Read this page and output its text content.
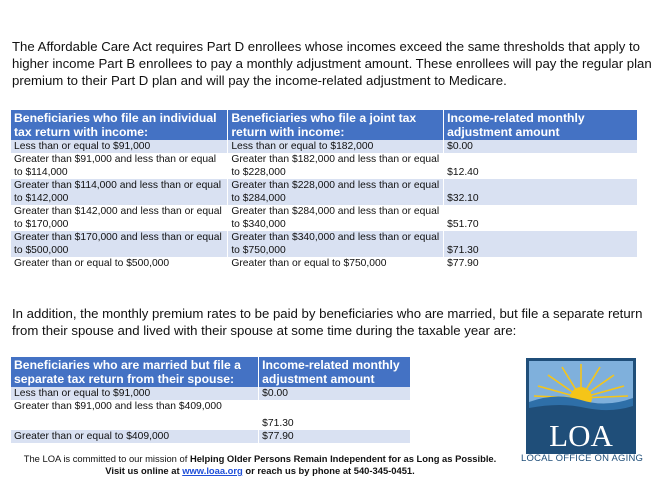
The Affordable Care Act requires Part D enrollees whose incomes exceed the same thresholds that apply to higher income Part B enrollees to pay a monthly adjustment amount. These enrollees will pay the regular plan premium to their Part D plan and will pay the income-related adjustment to Medicare.

Beneficiaries who file an individual tax return with income:	Beneficiaries who file a joint tax return with income:	Income-related monthly adjustment amount
Less than or equal to $91,000	Less than or equal to $182,000	$0.00
Greater than $91,000 and less than or equal to $114,000	Greater than $182,000 and less than or equal to $228,000	$12.40
Greater than $114,000 and less than or equal to $142,000	Greater than $228,000 and less than or equal to $284,000	$32.10
Greater than $142,000 and less than or equal to $170,000	Greater than $284,000 and less than or equal to $340,000	$51.70
Greater than $170,000 and less than or equal to $500,000	Greater than $340,000 and less than or equal to $750,000	$71.30
Greater than or equal to $500,000	Greater than or equal to $750,000	$77.90

In addition, the monthly premium rates to be paid by beneficiaries who are married, but file a separate return from their spouse and lived with their spouse at some time during the taxable year are:

Beneficiaries who are married but file a separate tax return from their spouse:	Income-related monthly adjustment amount
Less than or equal to $91,000	$0.00
Greater than $91,000 and less than $409,000	$71.30
Greater than or equal to $409,000	$77.90	LOA
LOCAL OFFICE ON AGING
The LOA is committed to our mission of Helping Older Persons Remain Independent for as Long as Possible.
Visit us online at www.loaa.org or reach us by phone at 540-345-0451.
